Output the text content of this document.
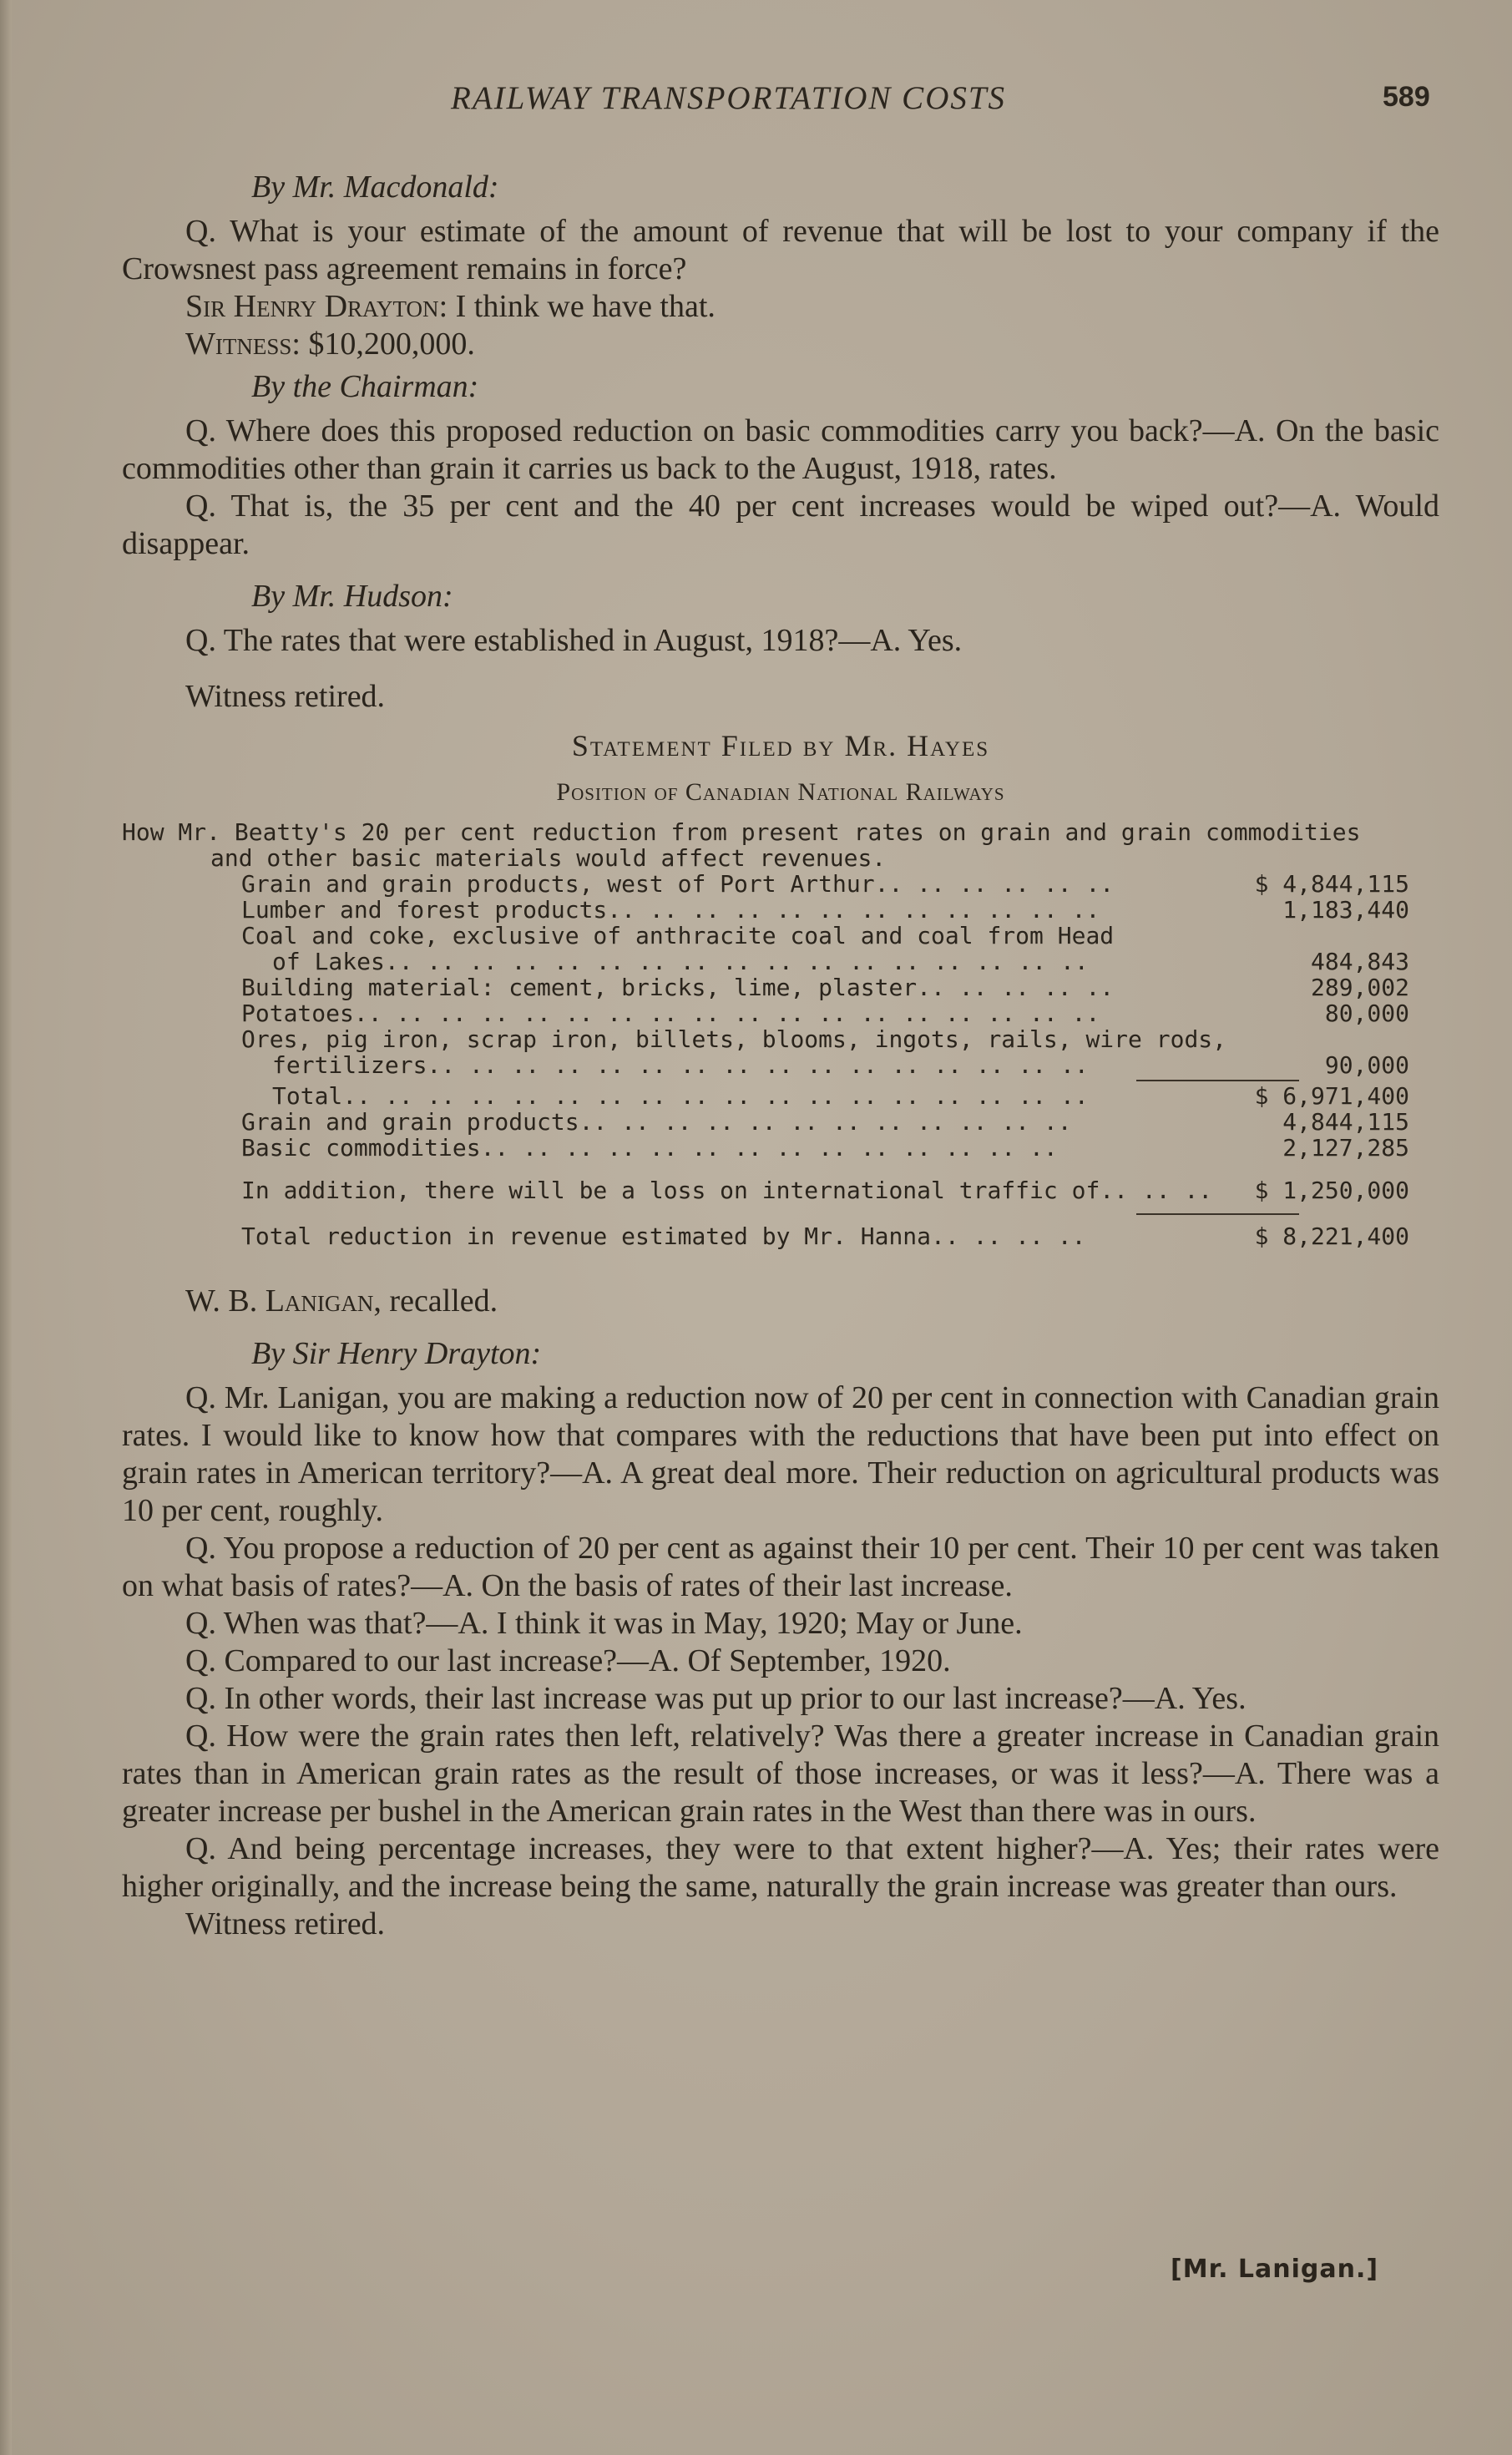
RAILWAY TRANSPORTATION COSTS	589
By Mr. Macdonald:

Q. What is your estimate of the amount of revenue that will be lost to your company if the Crowsnest pass agreement remains in force?

Sir Henry Drayton: I think we have that.

Witness: $10,200,000.

By the Chairman:

Q. Where does this proposed reduction on basic commodities carry you back?—A. On the basic commodities other than grain it carries us back to the August, 1918, rates.

Q. That is, the 35 per cent and the 40 per cent increases would be wiped out?—A. Would disappear.

By Mr. Hudson:

Q. The rates that were established in August, 1918?—A. Yes.

Witness retired.

Statement Filed by Mr. Hayes
Position of Canadian National Railways
How Mr. Beatty's 20 per cent reduction from present rates on grain and grain commodities
and other basic materials would affect revenues.
Grain and grain products, west of Port Arthur.. .. .. .. .. ..	$ 4,844,115
Lumber and forest products.. .. .. .. .. .. .. .. .. .. .. ..	1,183,440
Coal and coke, exclusive of anthracite coal and coal from Head
of Lakes.. .. .. .. .. .. .. .. .. .. .. .. .. .. .. .. ..	484,843
Building material: cement, bricks, lime, plaster.. .. .. .. ..	289,002
Potatoes.. .. .. .. .. .. .. .. .. .. .. .. .. .. .. .. .. ..	80,000
Ores, pig iron, scrap iron, billets, blooms, ingots, rails, wire rods,
fertilizers.. .. .. .. .. .. .. .. .. .. .. .. .. .. .. ..	90,000
Total.. .. .. .. .. .. .. .. .. .. .. .. .. .. .. .. .. ..	$ 6,971,400
Grain and grain products.. .. .. .. .. .. .. .. .. .. .. ..	4,844,115
Basic commodities.. .. .. .. .. .. .. .. .. .. .. .. .. ..	2,127,285
In addition, there will be a loss on international traffic of.. .. ..	$ 1,250,000
Total reduction in revenue estimated by Mr. Hanna.. .. .. ..	$ 8,221,400

W. B. Lanigan, recalled.

By Sir Henry Drayton:

Q. Mr. Lanigan, you are making a reduction now of 20 per cent in connection with Canadian grain rates. I would like to know how that compares with the reductions that have been put into effect on grain rates in American territory?—A. A great deal more. Their reduction on agricultural products was 10 per cent, roughly.

Q. You propose a reduction of 20 per cent as against their 10 per cent. Their 10 per cent was taken on what basis of rates?—A. On the basis of rates of their last increase.

Q. When was that?—A. I think it was in May, 1920; May or June.

Q. Compared to our last increase?—A. Of September, 1920.

Q. In other words, their last increase was put up prior to our last increase?—A. Yes.

Q. How were the grain rates then left, relatively? Was there a greater increase in Canadian grain rates than in American grain rates as the result of those increases, or was it less?—A. There was a greater increase per bushel in the American grain rates in the West than there was in ours.

Q. And being percentage increases, they were to that extent higher?—A. Yes; their rates were higher originally, and the increase being the same, naturally the grain increase was greater than ours.

Witness retired.

[Mr. Lanigan.]
